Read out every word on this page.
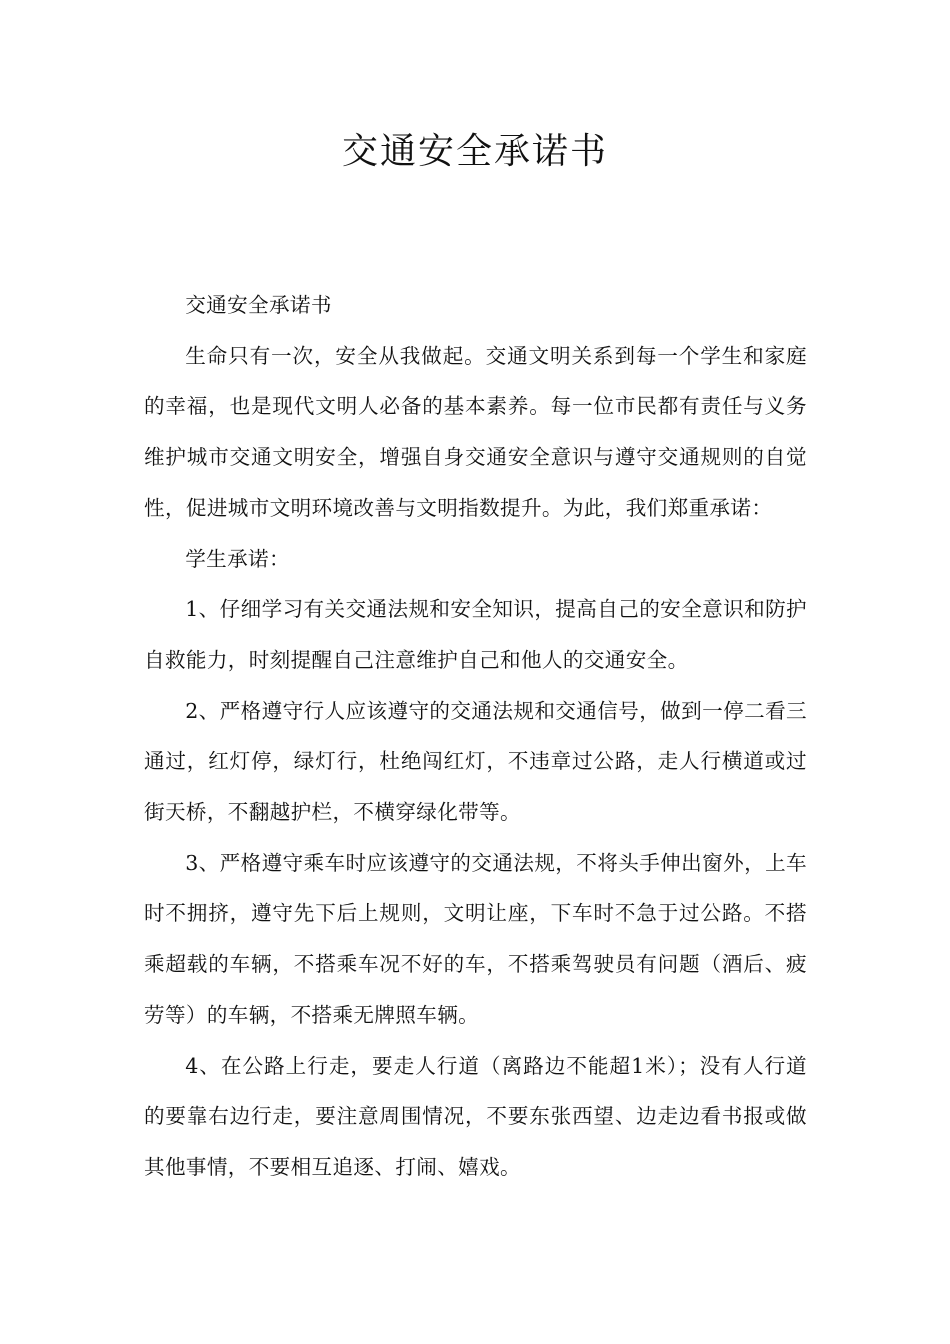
交通安全承诺书

交通安全承诺书

生命只有一次，安全从我做起。交通文明关系到每一个学生和家庭的幸福，也是现代文明人必备的基本素养。每一位市民都有责任与义务维护城市交通文明安全，增强自身交通安全意识与遵守交通规则的自觉性，促进城市文明环境改善与文明指数提升。为此，我们郑重承诺：

学生承诺：

1、仔细学习有关交通法规和安全知识，提高自己的安全意识和防护自救能力，时刻提醒自己注意维护自己和他人的交通安全。

2、严格遵守行人应该遵守的交通法规和交通信号，做到一停二看三通过，红灯停，绿灯行，杜绝闯红灯，不违章过公路，走人行横道或过街天桥，不翻越护栏，不横穿绿化带等。

3、严格遵守乘车时应该遵守的交通法规，不将头手伸出窗外，上车时不拥挤，遵守先下后上规则，文明让座，下车时不急于过公路。不搭乘超载的车辆，不搭乘车况不好的车，不搭乘驾驶员有问题（酒后、疲劳等）的车辆，不搭乘无牌照车辆。

4、在公路上行走，要走人行道（离路边不能超1米）；没有人行道的要靠右边行走，要注意周围情况，不要东张西望、边走边看书报或做其他事情，不要相互追逐、打闹、嬉戏。
